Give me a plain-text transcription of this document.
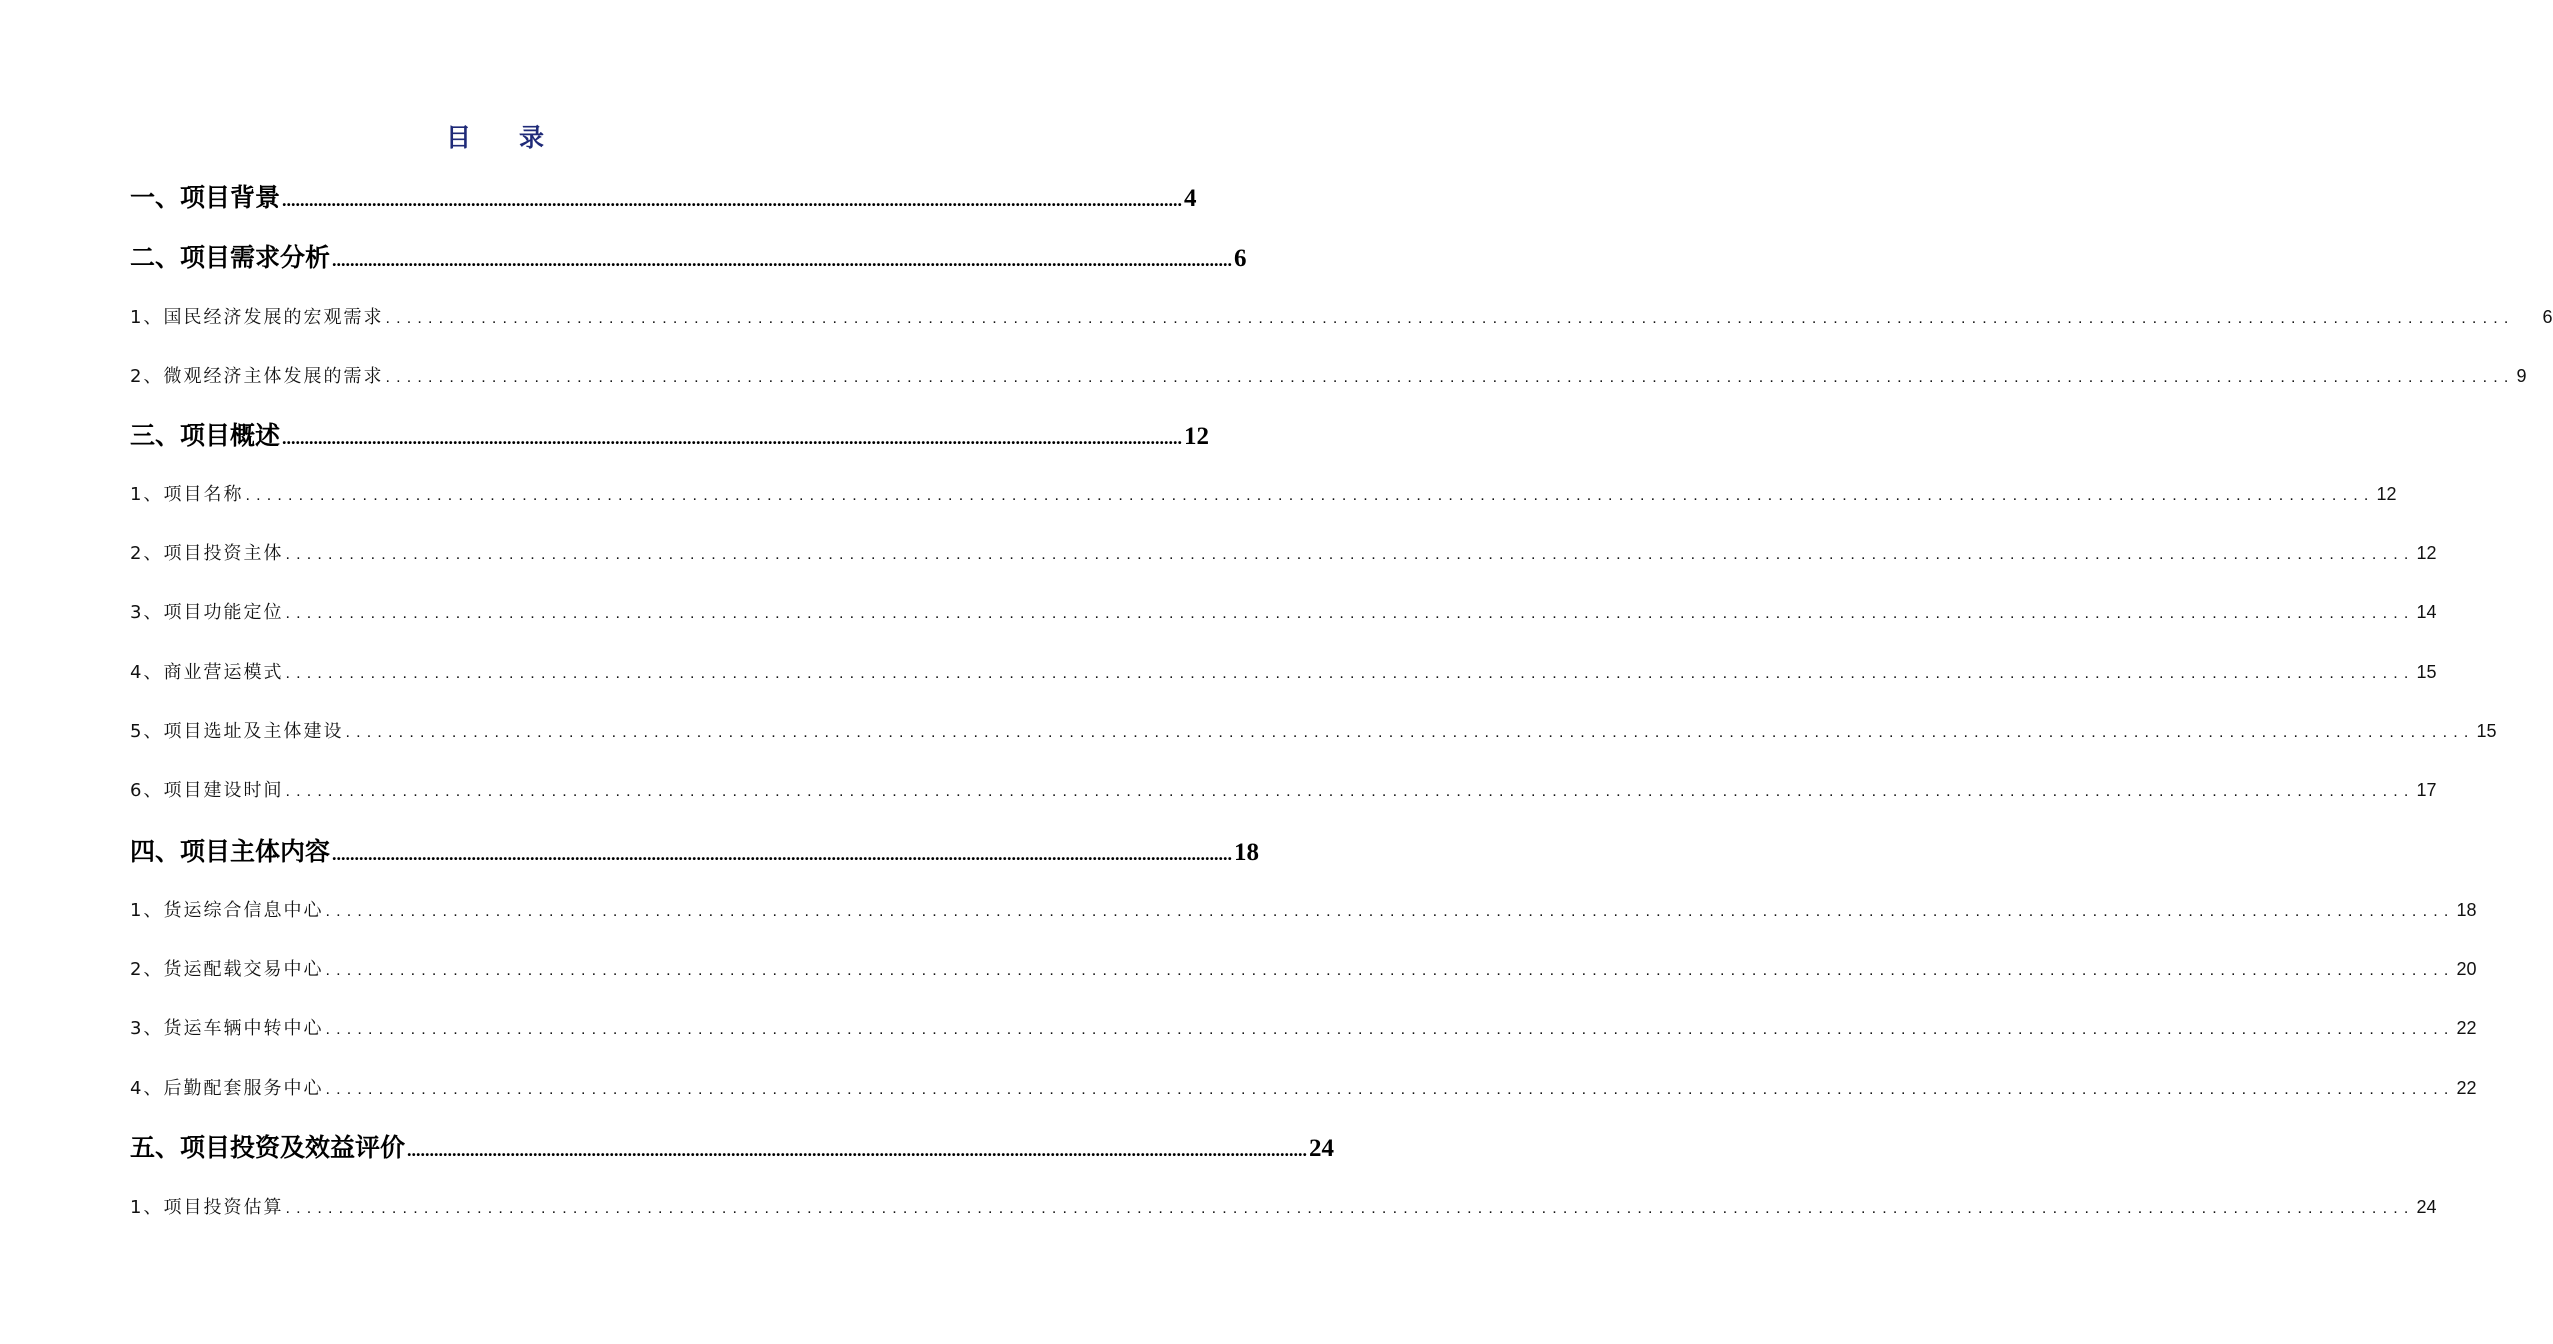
目 录
一、项目背景 ........................................................................................................................................................................................................ 4
二、项目需求分析 ........................................................................................................................................................................................................ 6
1、国民经济发展的宏观需求 ........................................................................................................................................................................................................ 6
2、微观经济主体发展的需求 ........................................................................................................................................................................................................ 9
三、项目概述 ........................................................................................................................................................................................................ 12
1、项目名称 ........................................................................................................................................................................................................ 12
2、项目投资主体 ........................................................................................................................................................................................................ 12
3、项目功能定位 ........................................................................................................................................................................................................ 14
4、商业营运模式 ........................................................................................................................................................................................................ 15
5、项目选址及主体建设 ........................................................................................................................................................................................................ 15
6、项目建设时间 ........................................................................................................................................................................................................ 17
四、项目主体内容 ........................................................................................................................................................................................................ 18
1、货运综合信息中心 ........................................................................................................................................................................................................ 18
2、货运配载交易中心 ........................................................................................................................................................................................................ 20
3、货运车辆中转中心 ........................................................................................................................................................................................................ 22
4、后勤配套服务中心 ........................................................................................................................................................................................................ 22
五、项目投资及效益评价 ........................................................................................................................................................................................................ 24
1、项目投资估算 ........................................................................................................................................................................................................ 24
